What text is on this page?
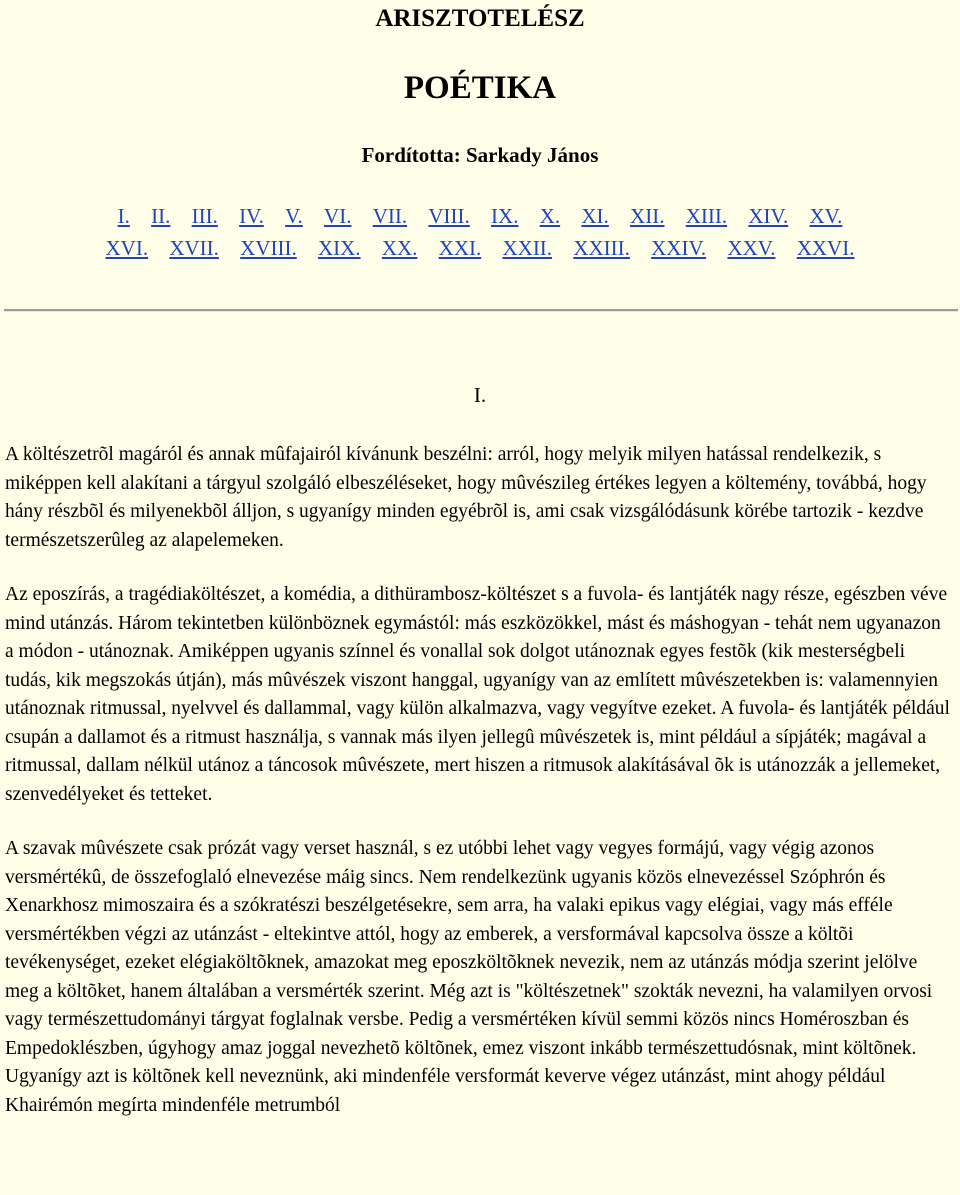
ARISZTOTELÉSZ
POÉTIKA
Fordította: Sarkady János
I. II. III. IV. V. VI. VII. VIII. IX. X. XI. XII. XIII. XIV. XV.
XVI. XVII. XVIII. XIX. XX. XXI. XXII. XXIII. XXIV. XXV. XXVI.
I.

A költészetrõl magáról és annak mûfajairól kívánunk beszélni: arról, hogy melyik milyen hatással rendelkezik, s miképpen kell alakítani a tárgyul szolgáló elbeszéléseket, hogy mûvészileg értékes legyen a költemény, továbbá, hogy hány részbõl és milyenekbõl álljon, s ugyanígy minden egyébrõl is, ami csak vizsgálódásunk körébe tartozik - kezdve természetszerûleg az alapelemeken.

Az eposzírás, a tragédiaköltészet, a komédia, a dithürambosz-költészet s a fuvola- és lantjáték nagy része, egészben véve mind utánzás. Három tekintetben különböznek egymástól: más eszközökkel, mást és máshogyan - tehát nem ugyanazon a módon - utánoznak. Amiképpen ugyanis színnel és vonallal sok dolgot utánoznak egyes festõk (kik mesterségbeli tudás, kik megszokás útján), más mûvészek viszont hanggal, ugyanígy van az említett mûvészetekben is: valamennyien utánoznak ritmussal, nyelvvel és dallammal, vagy külön alkalmazva, vagy vegyítve ezeket. A fuvola- és lantjáték például csupán a dallamot és a ritmust használja, s vannak más ilyen jellegû mûvészetek is, mint például a sípjáték; magával a ritmussal, dallam nélkül utánoz a táncosok mûvészete, mert hiszen a ritmusok alakításával õk is utánozzák a jellemeket, szenvedélyeket és tetteket.

A szavak mûvészete csak prózát vagy verset használ, s ez utóbbi lehet vagy vegyes formájú, vagy végig azonos versmértékû, de összefoglaló elnevezése máig sincs. Nem rendelkezünk ugyanis közös elnevezéssel Szóphrón és Xenarkhosz mimoszaira és a szókratészi beszélgetésekre, sem arra, ha valaki epikus vagy elégiai, vagy más efféle versmértékben végzi az utánzást - eltekintve attól, hogy az emberek, a versformával kapcsolva össze a költõi tevékenységet, ezeket elégiaköltõknek, amazokat meg eposzköltõknek nevezik, nem az utánzás módja szerint jelölve meg a költõket, hanem általában a versmérték szerint. Még azt is "költészetnek" szokták nevezni, ha valamilyen orvosi vagy természettudományi tárgyat foglalnak versbe. Pedig a versmértéken kívül semmi közös nincs Homéroszban és Empedoklészben, úgyhogy amaz joggal nevezhetõ költõnek, emez viszont inkább természettudósnak, mint költõnek. Ugyanígy azt is költõnek kell neveznünk, aki mindenféle versformát keverve végez utánzást, mint ahogy például Khairémón megírta mindenféle metrumból
